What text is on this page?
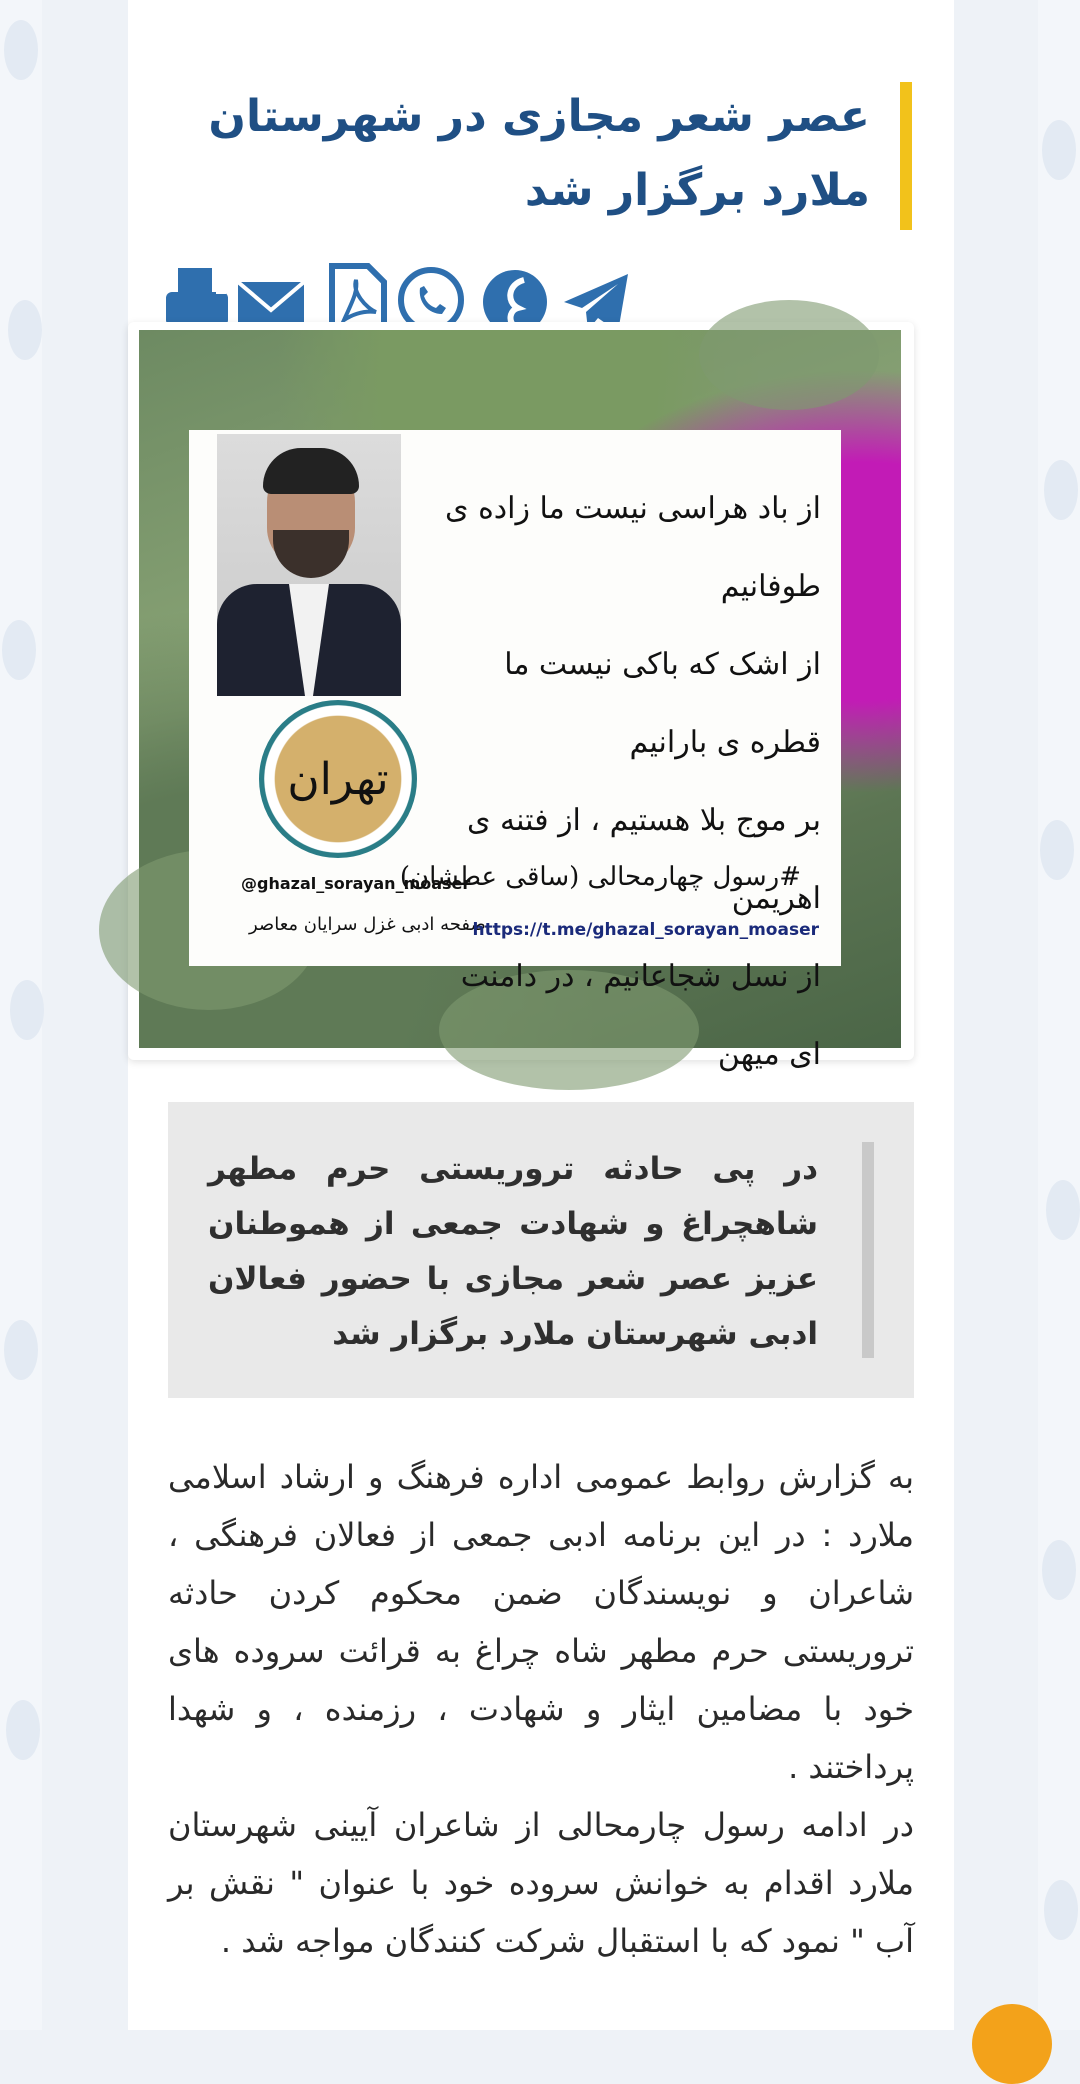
عصر شعر مجازی در شهرستان ملارد برگزار شد
تهران
از باد هراسی نیست ما زاده ی طوفانیم
از اشک که باکی نیست ما قطره ی بارانیم
بر موج بلا هستیم ، از فتنه ی اهریمن
از نسل شجاعانیم ، در دامنت ای میهن
#رسول چهارمحالی (ساقی عطشان)
@ghazal_sorayan_moaser
صفحه ادبی غزل سرایان معاصر
https://t.me/ghazal_sorayan_moaser
در پی حادثه تروریستی حرم مطهر شاهچراغ و شهادت جمعی از هموطنان عزیز عصر شعر مجازی با حضور فعالان ادبی شهرستان ملارد برگزار شد

به گزارش روابط عمومی اداره فرهنگ و ارشاد اسلامی ملارد : در این برنامه ادبی جمعی از فعالان فرهنگی ، شاعران و نویسندگان ضمن محکوم کردن حادثه تروریستی حرم مطهر شاه چراغ به قرائت سروده های خود با مضامین ایثار و شهادت ، رزمنده ، و شهدا پرداختند .

در ادامه رسول چارمحالی از شاعران آیینی شهرستان ملارد اقدام به خوانش سروده خود با عنوان " نقش بر آب " نمود که با استقبال شرکت کنندگان مواجه شد .
